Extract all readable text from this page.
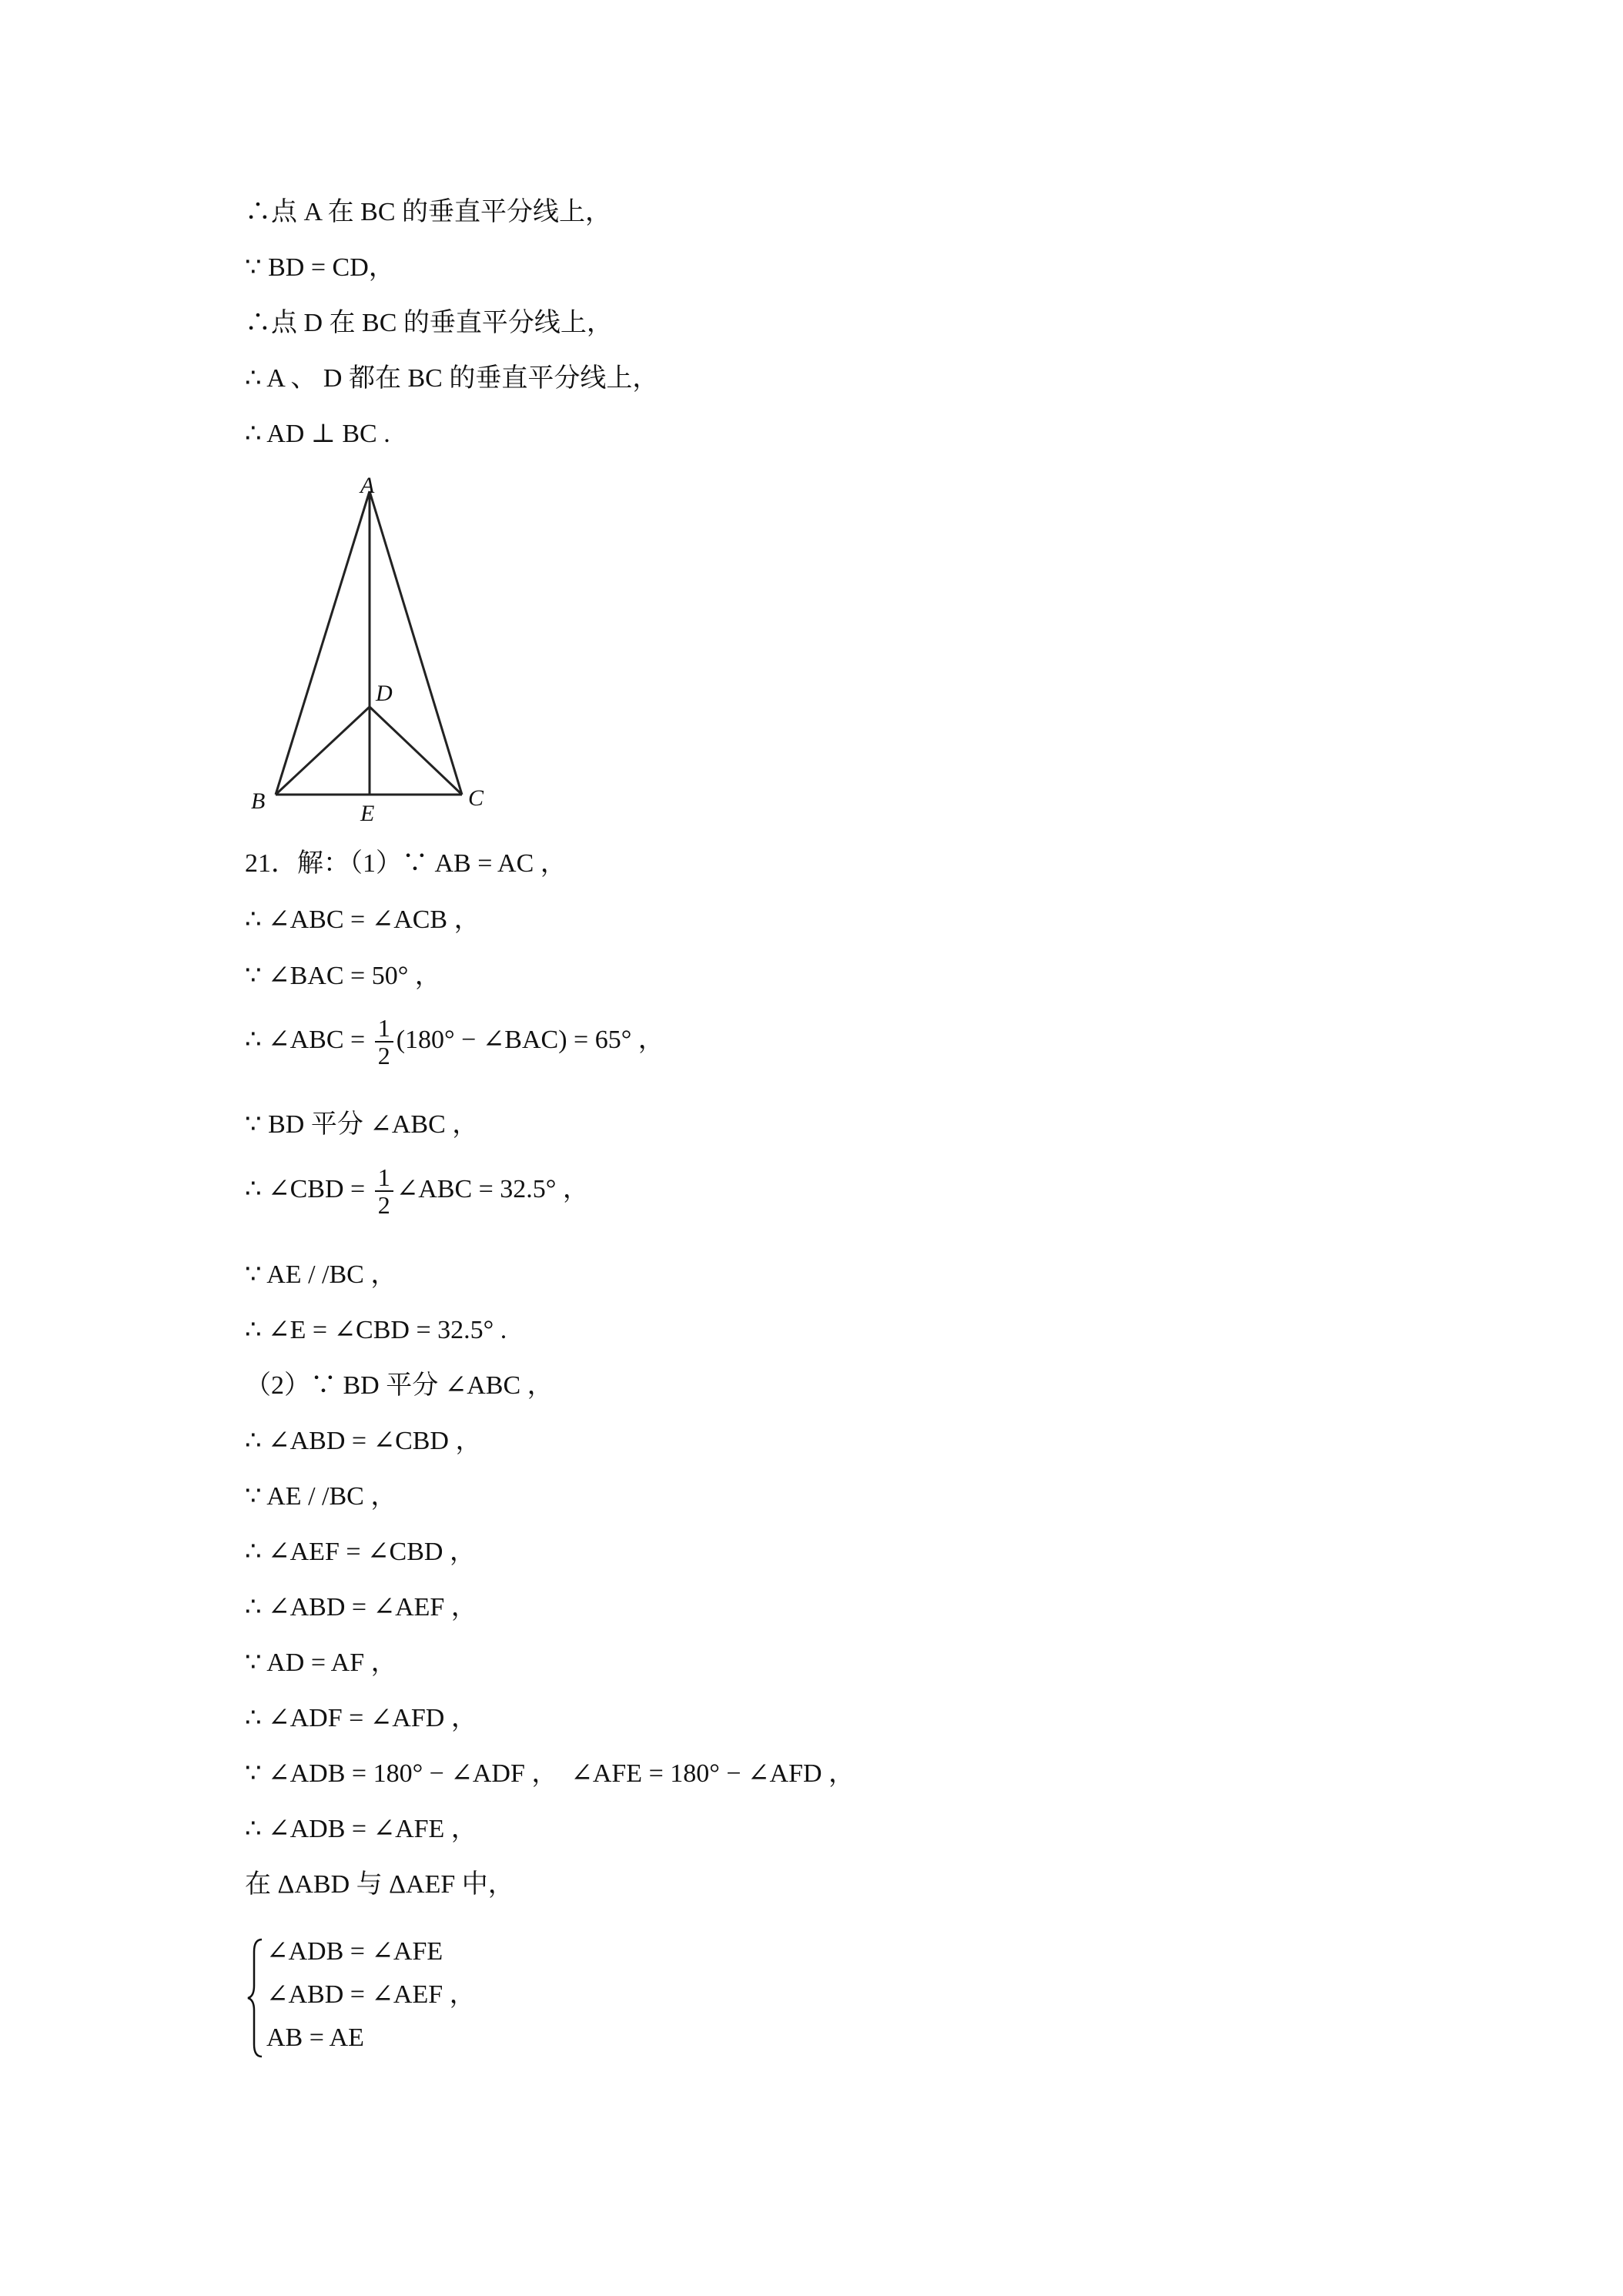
∴点 A 在 BC 的垂直平分线上，
∵ BD = CD，
∴点 D 在 BC 的垂直平分线上，
∴ A 、 D 都在 BC 的垂直平分线上，
∴ AD ⊥ BC .
A
D
B	E
C
21．解：（1）∵ AB = AC ，
∴ ∠ABC = ∠ACB ，
∵ ∠BAC = 50° ，
∴ ∠ABC = $\frac{1}{2} (180^\circ$ − ∠BAC) = 65° ，
∵ BD 平分 ∠ABC ，
∴ ∠CBD = $\frac{1}{2}$ ∠ABC = 32.5° ，
∵ AE / /BC ，
∴ ∠E = ∠CBD = 32.5° .
（2）∵ BD 平分 ∠ABC ，
∴ ∠ABD = ∠CBD ，
∵ AE / /BC ，
∴ ∠AEF = ∠CBD ，
∴ ∠ABD = ∠AEF ，
∵ AD = AF ，
∴ ∠ADF = ∠AFD ，
∵ ∠ADB = 180° − ∠ADF ，  ∠AFE = 180° − ∠AFD ，
∴ ∠ADB = ∠AFE ，
在 ΔABD 与 ΔAEF 中，
∠ADB = ∠AFE
∠ABD = ∠AEF ，
AB = AE
